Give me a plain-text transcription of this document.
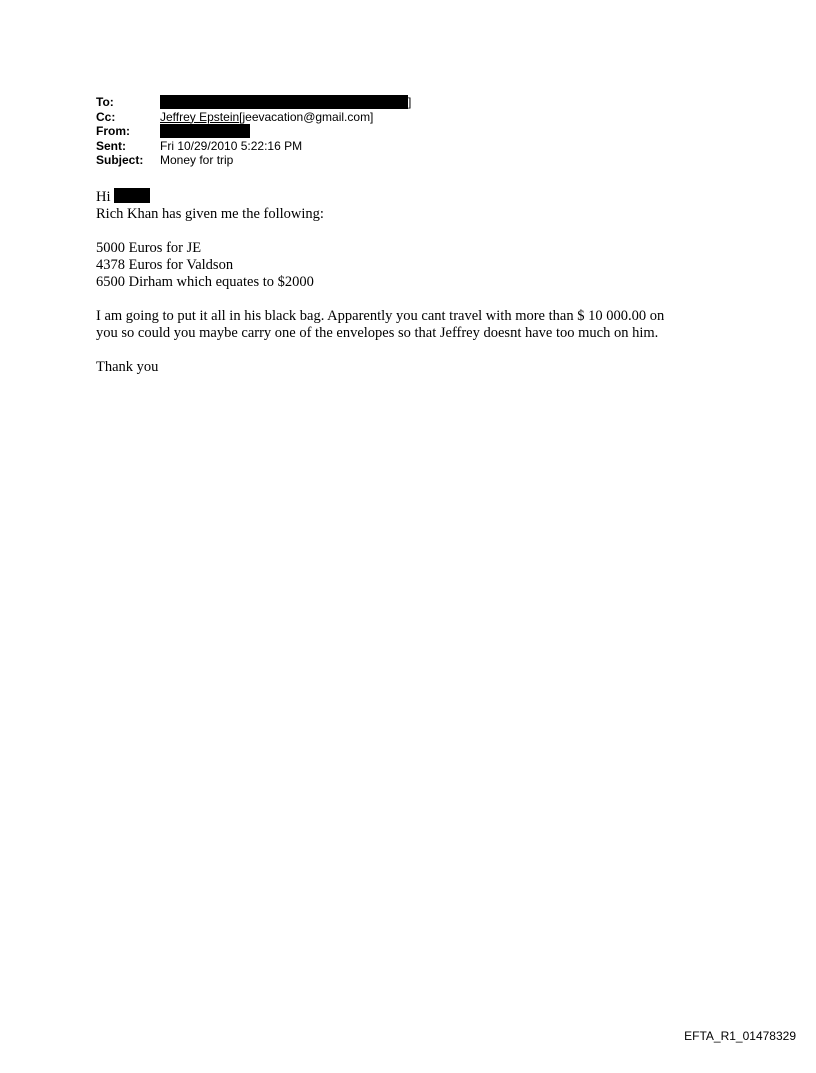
To:	]
Cc:	Jeffrey Epstein[jeevacation@gmail.com]
From:
Sent:	Fri 10/29/2010 5:22:16 PM
Subject: Money for trip

Hi

Rich Khan has given me the following:

5000 Euros for JE

4378 Euros for Valdson

6500 Dirham which equates to $2000

I am going to put it all in his black bag. Apparently you cant travel with more than $ 10 000.00 on

you so could you maybe carry one of the envelopes so that Jeffrey doesnt have too much on him.

Thank you

EFTA_R1_01478329
